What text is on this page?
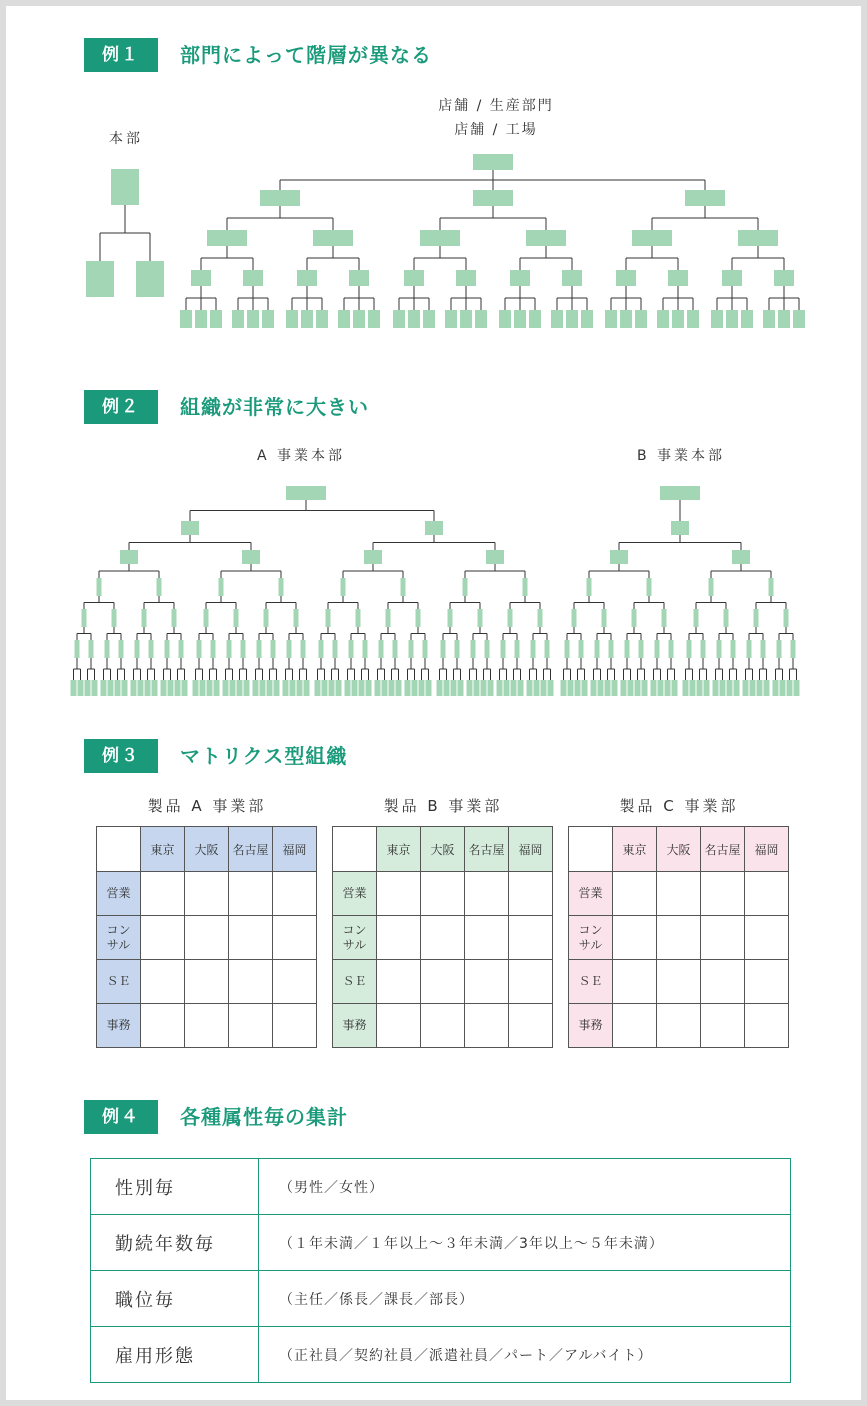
例１	部門によって階層が異なる
本部
店舗 / 生産部門
店舗 / 工場
例２	組織が非常に大きい
A 事業本部	B 事業本部
例３	マトリクス型組織
製品 A 事業部
	東京	大阪	名古屋	福岡
営業				
コン
サル				
ＳＥ				
事務				
製品 B 事業部
	東京	大阪	名古屋	福岡
営業				
コン
サル				
ＳＥ				
事務				
製品 C 事業部
	東京	大阪	名古屋	福岡
営業				
コン
サル				
ＳＥ				
事務				
例４	各種属性毎の集計
性別毎	（男性／女性）
勤続年数毎	（１年未満／１年以上〜３年未満／3年以上〜５年未満）
職位毎	（主任／係長／課長／部長）
雇用形態	（正社員／契約社員／派遣社員／パート／アルバイト）
